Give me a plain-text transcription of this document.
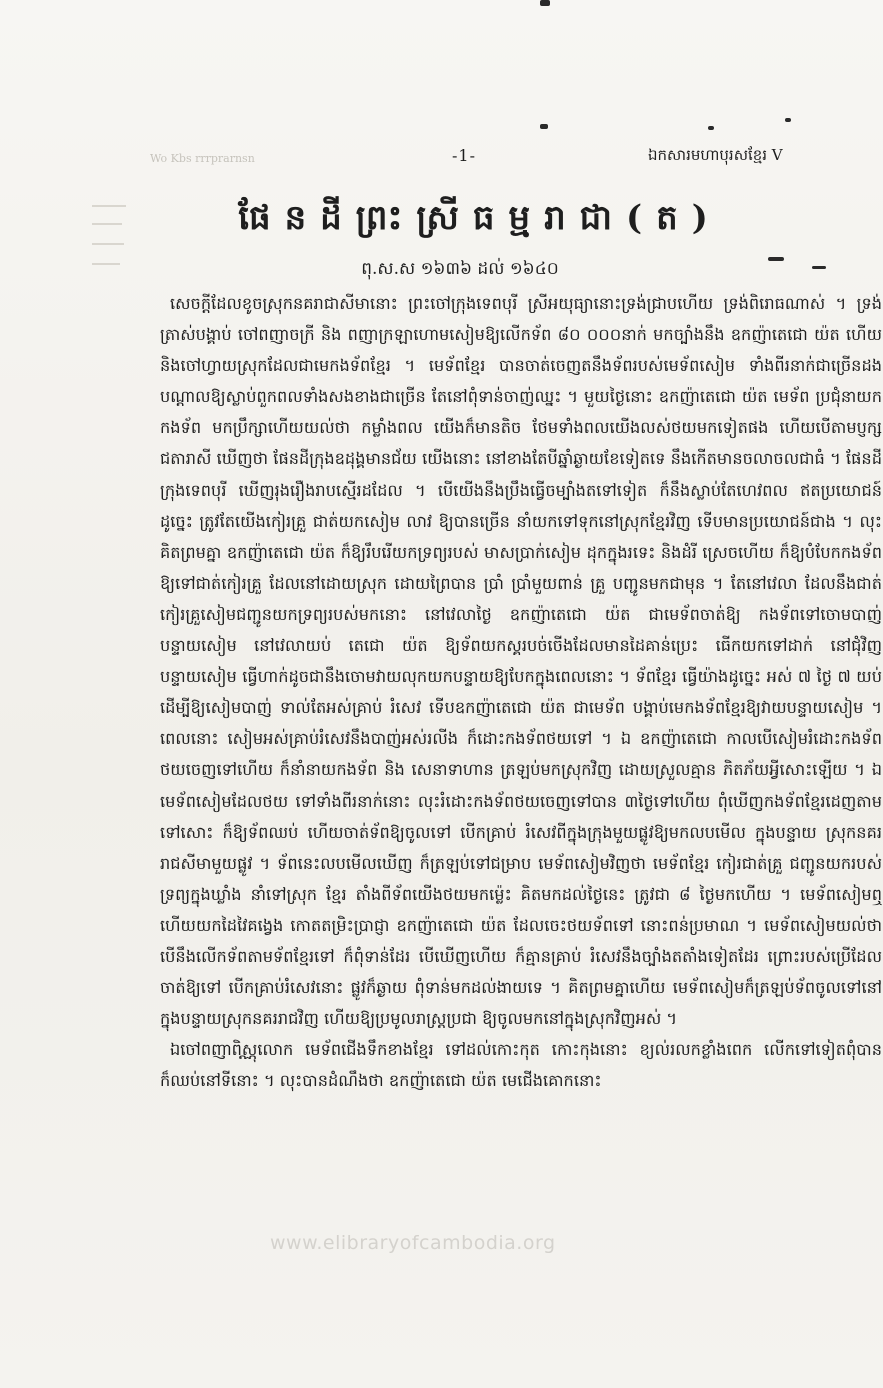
Wo Kbs rrrprarnsn	-1-	ឯកសារមហាបុរសខ្មែរ V
ផែនដីព្រះស្រីធម្មរាជា(ត)
ពុ.ស.ស ១៦៣៦ ដល់ ១៦៤០

សេចក្ដីដែលខូចស្រុកនគរាជាសីមានោះ ព្រះចៅក្រុងទេពបុរី ស្រីអយុធ្យានោះទ្រង់ជ្រាបហើយ ទ្រង់ពិរោធណាស់ ។ ទ្រង់ត្រាស់បង្គាប់ ចៅពញាចក្រី និង ពញាក្រឡាហោមសៀមឱ្យលើកទ័ព ៨០ ០០០នាក់ មកច្បាំងនឹង ឧកញ៉ាតេជោ យ៉ត ហើយនិងចៅហ្វាយស្រុកដែលជាមេកងទ័ពខ្មែរ ។ មេទ័ពខ្មែរ បានចាត់ចេញតនឹងទ័ពរបស់មេទ័ពសៀម ទាំងពីរនាក់ជាច្រើនដង បណ្ដាលឱ្យស្លាប់ពួកពលទាំងសងខាងជាច្រើន តែនៅពុំទាន់ចាញ់ឈ្នះ ។ មួយថ្ងៃនោះ ឧកញ៉ាតេជោ យ៉ត មេទ័ព ប្រជុំនាយកកងទ័ព មកប្រឹក្សាហើយយល់ថា កម្លាំងពល យើងក៏មានតិច ថែមទាំងពលយើងលស់ថយមកទៀតផង ហើយបើតាមប្ញក្សជតារាសី ឃើញថា ផែនដីក្រុងឧដុង្គមានជ័យ យើងនោះ នៅខាងតែបីឆ្នាំឆ្ងាយខែទៀតទេ នឹងកើតមានចលាចលជាធំ ។ ផែនដីក្រុងទេពបុរី ឃើញរុងរឿងរាបស្មើរដដែល ។ បើយើងនឹងប្រឹងធ្វើចម្បាំងតទៅទៀត ក៏នឹងស្លាប់តែហេវពល ឥតប្រយោជន៍ ដូច្នេះ ត្រូវតែយើងកៀរគ្រួ ជាត់យកសៀម លាវ ឱ្យបានច្រើន នាំយកទៅទុកនៅស្រុកខ្មែរវិញ ទើបមានប្រយោជន៍ជាង ។ លុះគិតព្រមគ្នា ឧកញ៉ាតេជោ យ៉ត ក៏ឱ្យរឹបរើយកទ្រព្យរបស់ មាសប្រាក់សៀម ដុកក្នុងរទេះ និងដំរី ស្រេចហើយ ក៏ឱ្យបំបែកកងទ័ព ឱ្យទៅជាត់កៀរគ្រួ ដែលនៅដោយស្រុក ដោយព្រៃបាន ប្រាំ ប្រាំមួយពាន់ គ្រួ បញ្ជូនមកជាមុន ។ តែនៅវេលា ដែលនឹងជាត់កៀរគ្រួសៀមជញ្ជូនយកទ្រព្យរបស់មកនោះ នៅវេលាថ្ងៃ ឧកញ៉ាតេជោ យ៉ត ជាមេទ័ពចាត់ឱ្យ កងទ័ពទៅចោមបាញ់បន្ទាយសៀម នៅវេលាយប់ តេជោ យ៉ត ឱ្យទ័ពយកស្គរបច់ចើងដែលមានដៃគាន់ប្រេះ ធើកយកទៅដាក់ នៅជុំវិញបន្ទាយសៀម ធ្វើហាក់ដូចជានឹងចោមវាយលុកយកបន្ទាយឱ្យបែកក្នុងពេលនោះ ។ ទ័ពខ្មែរ ធ្វើយ៉ាងដូច្នេះ អស់ ៧ ថ្ងៃ ៧ យប់ ដើម្បីឱ្យសៀមបាញ់ ទាល់តែអស់គ្រាប់ រំសេវ ទើបឧកញ៉ាតេជោ យ៉ត ជាមេទ័ព បង្គាប់មេកងទ័ពខ្មែរឱ្យវាយបន្ទាយសៀម ។ ពេលនោះ សៀមអស់គ្រាប់រំសេវនឹងបាញ់អស់រលីង ក៏ដោះកងទ័ពថយទៅ ។ ឯ ឧកញ៉ាតេជោ កាលបើសៀមរំដោះកងទ័ពថយចេញទៅហើយ ក៏នាំនាយកងទ័ព និង សេនាទាហាន ត្រឡប់មកស្រុកវិញ ដោយស្រួលគ្មាន ភិតភ័យអ្វីសោះឡើយ ។ ឯមេទ័ពសៀមដែលថយ ទៅទាំងពីរនាក់នោះ លុះរំដោះកងទ័ពថយចេញទៅបាន ៣ថ្ងៃទៅហើយ ពុំឃើញកងទ័ពខ្មែរដេញតាមទៅសោះ ក៏ឱ្យទ័ពឈប់ ហើយចាត់ទ័ពឱ្យចូលទៅ បើកគ្រាប់ រំសេវពីក្នុងក្រុងមួយផ្លូវឱ្យមកលបមើល ក្នុងបន្ទាយ ស្រុកនគរ រាជសីមាមួយផ្លូវ ។ ទ័ពនេះលបមើលឃើញ ក៏ត្រឡប់ទៅជម្រាប មេទ័ពសៀមវិញថា មេទ័ពខ្មែរ កៀរជាត់គ្រួ ជញ្ជូនយករបស់ទ្រព្យក្នុងឃ្លាំង នាំទៅស្រុក ខ្មែរ តាំងពីទ័ពយើងថយមកម្ល៉េះ គិតមកដល់ថ្ងៃនេះ ត្រូវជា ៨ ថ្ងៃមកហើយ ។ មេទ័ពសៀមឮហើយយកដៃវៃគង្វេង កោតតម្រិះប្រាជ្ញា ឧកញ៉ាតេជោ យ៉ត ដែលចេះថយទ័ពទៅ នោះពន់ប្រមាណ ។ មេទ័ពសៀមយល់ថា បើនឹងលើកទ័ពតាមទ័ពខ្មែរទៅ ក៏ពុំទាន់ដែរ បើឃើញហើយ ក៏គ្មានគ្រាប់ រំសេវនឹងច្បាំងតតាំងទៀតដែរ ព្រោះរបស់ប្រើដែលចាត់ឱ្យទៅ បើកគ្រាប់រំសេវនោះ ផ្លូវក៏ឆ្ងាយ ពុំទាន់មកដល់ងាយទេ ។ គិតព្រមគ្នាហើយ មេទ័ពសៀមក៏ត្រឡប់ទ័ពចូលទៅនៅក្នុងបន្ទាយស្រុកនគររាជវិញ ហើយឱ្យប្រមូលរាស្ត្រប្រជា ឱ្យចូលមកនៅក្នុងស្រុកវិញអស់ ។

ឯចៅពញាពិស្ណុលោក មេទ័ពជើងទឹកខាងខ្មែរ ទៅដល់កោះកុត កោះកុងនោះ ខ្យល់រលកខ្លាំងពេក លើកទៅទៀតពុំបាន ក៏ឈប់នៅទីនោះ ។ លុះបានដំណឹងថា ឧកញ៉ាតេជោ យ៉ត មេជើងគោកនោះ

www.elibraryofcambodia.org
